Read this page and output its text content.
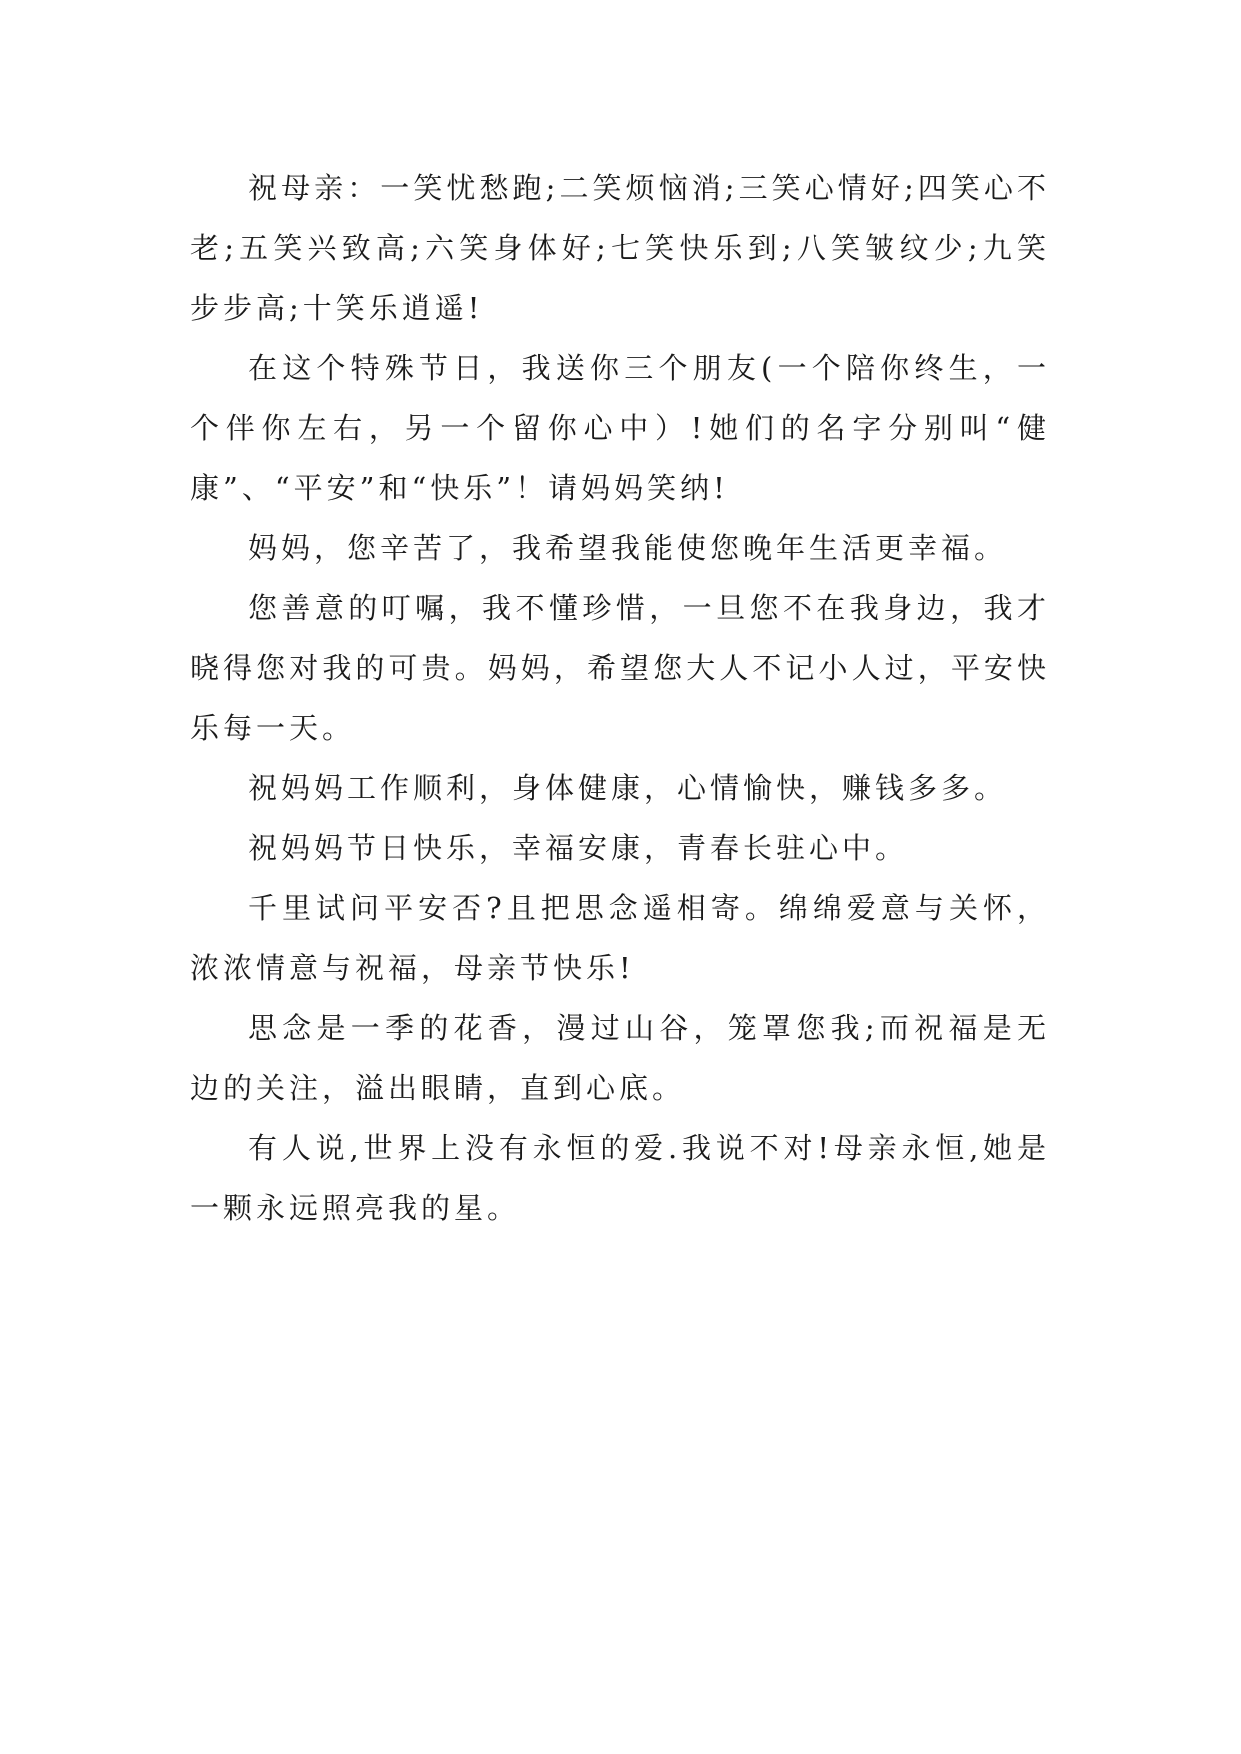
祝母亲：一笑忧愁跑;二笑烦恼消;三笑心情好;四笑心不老;五笑兴致高;六笑身体好;七笑快乐到;八笑皱纹少;九笑步步高;十笑乐逍遥!

在这个特殊节日，我送你三个朋友(一个陪你终生，一个伴你左右，另一个留你心中）!她们的名字分别叫“健康”、“平安”和“快乐”！请妈妈笑纳!

妈妈，您辛苦了，我希望我能使您晚年生活更幸福。

您善意的叮嘱，我不懂珍惜，一旦您不在我身边，我才晓得您对我的可贵。妈妈，希望您大人不记小人过，平安快乐每一天。

祝妈妈工作顺利，身体健康，心情愉快，赚钱多多。

祝妈妈节日快乐，幸福安康，青春长驻心中。

千里试问平安否?且把思念遥相寄。绵绵爱意与关怀，浓浓情意与祝福，母亲节快乐!

思念是一季的花香，漫过山谷，笼罩您我;而祝福是无边的关注，溢出眼睛，直到心底。

有人说,世界上没有永恒的爱.我说不对!母亲永恒,她是一颗永远照亮我的星。
